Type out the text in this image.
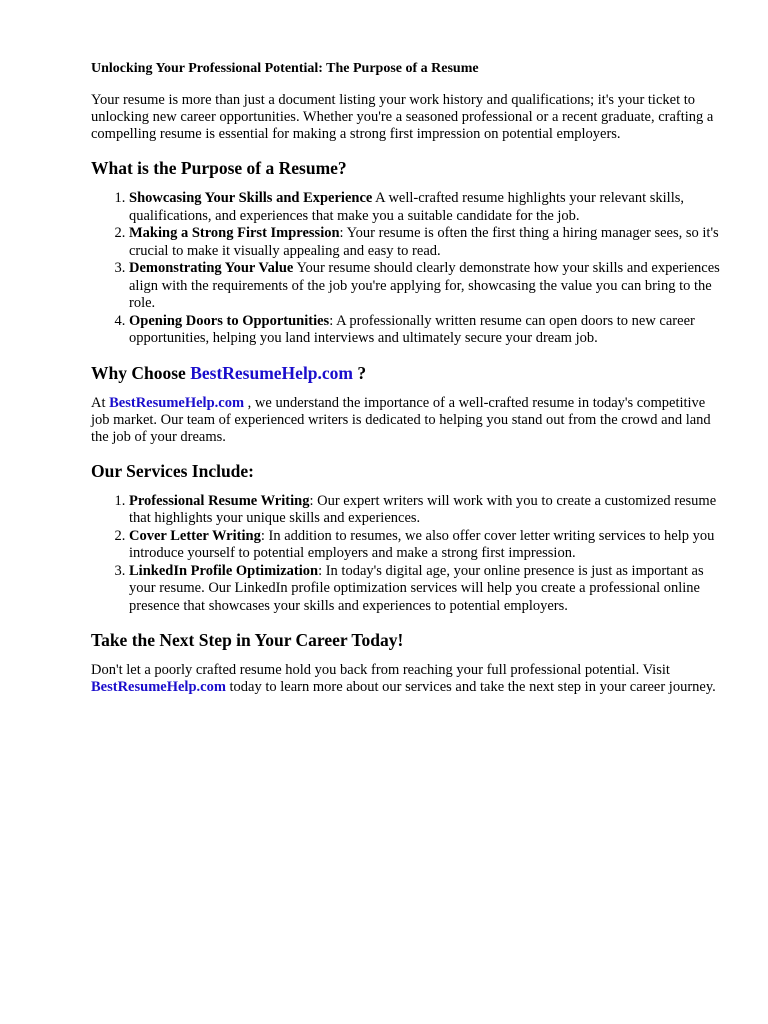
Unlocking Your Professional Potential: The Purpose of a Resume

Your resume is more than just a document listing your work history and qualifications; it's your ticket to unlocking new career opportunities. Whether you're a seasoned professional or a recent graduate, crafting a compelling resume is essential for making a strong first impression on potential employers.

What is the Purpose of a Resume?
1. Showcasing Your Skills and Experience A well-crafted resume highlights your relevant skills, qualifications, and experiences that make you a suitable candidate for the job.
2. Making a Strong First Impression: Your resume is often the first thing a hiring manager sees, so it's crucial to make it visually appealing and easy to read.
3. Demonstrating Your Value Your resume should clearly demonstrate how your skills and experiences align with the requirements of the job you're applying for, showcasing the value you can bring to the role.
4. Opening Doors to Opportunities: A professionally written resume can open doors to new career opportunities, helping you land interviews and ultimately secure your dream job.
Why Choose BestResumeHelp.com ?

At BestResumeHelp.com , we understand the importance of a well-crafted resume in today's competitive job market. Our team of experienced writers is dedicated to helping you stand out from the crowd and land the job of your dreams.

Our Services Include:
1. Professional Resume Writing: Our expert writers will work with you to create a customized resume that highlights your unique skills and experiences.
2. Cover Letter Writing: In addition to resumes, we also offer cover letter writing services to help you introduce yourself to potential employers and make a strong first impression.
3. LinkedIn Profile Optimization: In today's digital age, your online presence is just as important as your resume. Our LinkedIn profile optimization services will help you create a professional online presence that showcases your skills and experiences to potential employers.
Take the Next Step in Your Career Today!

Don't let a poorly crafted resume hold you back from reaching your full professional potential. Visit BestResumeHelp.com today to learn more about our services and take the next step in your career journey.
